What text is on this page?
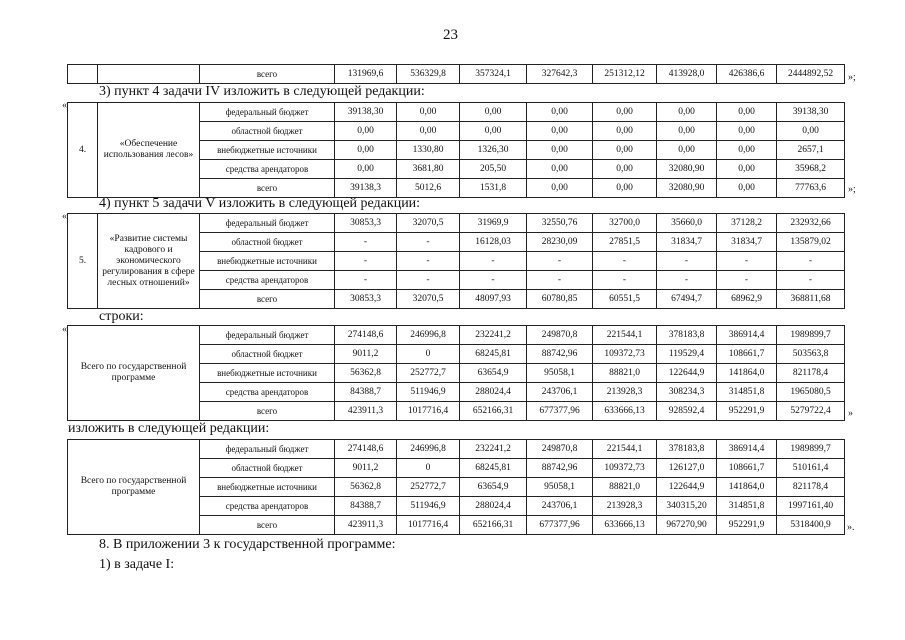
23
		всего	131969,6	536329,8	357324,1	327642,3	251312,12	413928,0	426386,6	2444892,52 »;
3) пункт 4 задачи IV изложить в следующей редакции:
«
4.	«Обеспечение использования лесов»	федеральный бюджет	39138,30	0,00	0,00	0,00	0,00	0,00	0,00	39138,30
		областной бюджет	0,00	0,00	0,00	0,00	0,00	0,00	0,00	0,00
		внебюджетные источники	0,00	1330,80	1326,30	0,00	0,00	0,00	0,00	2657,1
		средства арендаторов	0,00	3681,80	205,50	0,00	0,00	32080,90	0,00	35968,2
		всего	39138,3	5012,6	1531,8	0,00	0,00	32080,90	0,00	77763,6 »;
4) пункт 5 задачи V изложить в следующей редакции:
«
5.	«Развитие системы кадрового и экономического регулирования в сфере лесных отношений»	федеральный бюджет	30853,3	32070,5	31969,9	32550,76	32700,0	35660,0	37128,2	232932,66
		областной бюджет	-	-	16128,03	28230,09	27851,5	31834,7	31834,7	135879,02
		внебюджетные источники	-	-	-	-	-	-	-	-
		средства арендаторов	-	-	-	-	-	-	-	-
		всего	30853,3	32070,5	48097,93	60780,85	60551,5	67494,7	68962,9	368811,68
строки:
«
Всего по государственной программе	федеральный бюджет	274148,6	246996,8	232241,2	249870,8	221544,1	378183,8	386914,4	1989899,7
	областной бюджет	9011,2	0	68245,81	88742,96	109372,73	119529,4	108661,7	503563,8
	внебюджетные источники	56362,8	252772,7	63654,9	95058,1	88821,0	122644,9	141864,0	821178,4
	средства арендаторов	84388,7	511946,9	288024,4	243706,1	213928,3	308234,3	314851,8	1965080,5
	всего	423911,3	1017716,4	652166,31	677377,96	633666,13	928592,4	952291,9	5279722,4 »
изложить в следующей редакции:
Всего по государственной программе	федеральный бюджет	274148,6	246996,8	232241,2	249870,8	221544,1	378183,8	386914,4	1989899,7
	областной бюджет	9011,2	0	68245,81	88742,96	109372,73	126127,0	108661,7	510161,4
	внебюджетные источники	56362,8	252772,7	63654,9	95058,1	88821,0	122644,9	141864,0	821178,4
	средства арендаторов	84388,7	511946,9	288024,4	243706,1	213928,3	340315,20	314851,8	1997161,40
	всего	423911,3	1017716,4	652166,31	677377,96	633666,13	967270,90	952291,9	5318400,9 ».
8. В приложении 3 к государственной программе:
1) в задаче I:
